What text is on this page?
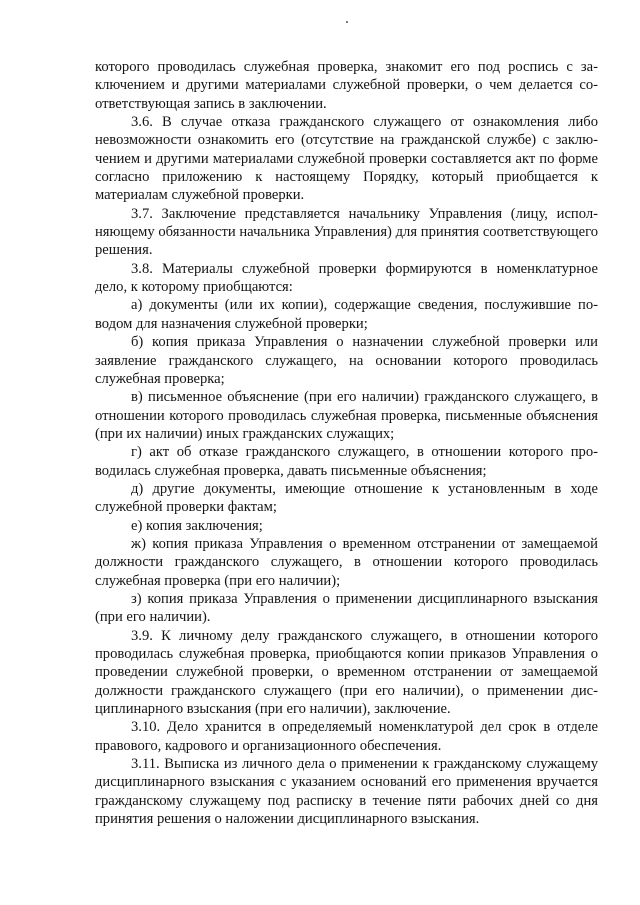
которого проводилась служебная проверка, знакомит его под роспись с заключением и другими материалами служебной проверки, о чем делается соответствующая запись в заключении.

3.6. В случае отказа гражданского служащего от ознакомления либо невозможности ознакомить его (отсутствие на гражданской службе) с заключением и другими материалами служебной проверки составляется акт по форме согласно приложению к настоящему Порядку, который приобщается к материалам служебной проверки.

3.7. Заключение представляется начальнику Управления (лицу, исполняющему обязанности начальника Управления) для принятия соответствующего решения.

3.8. Материалы служебной проверки формируются в номенклатурное дело, к которому приобщаются:

а) документы (или их копии), содержащие сведения, послужившие поводом для назначения служебной проверки;

б) копия приказа Управления о назначении служебной проверки или заявление гражданского служащего, на основании которого проводилась служебная проверка;

в) письменное объяснение (при его наличии) гражданского служащего, в отношении которого проводилась служебная проверка, письменные объяснения (при их наличии) иных гражданских служащих;

г) акт об отказе гражданского служащего, в отношении которого проводилась служебная проверка, давать письменные объяснения;

д) другие документы, имеющие отношение к установленным в ходе служебной проверки фактам;

е) копия заключения;

ж) копия приказа Управления о временном отстранении от замещаемой должности гражданского служащего, в отношении которого проводилась служебная проверка (при его наличии);

з) копия приказа Управления о применении дисциплинарного взыскания (при его наличии).

3.9. К личному делу гражданского служащего, в отношении которого проводилась служебная проверка, приобщаются копии приказов Управления о проведении служебной проверки, о временном отстранении от замещаемой должности гражданского служащего (при его наличии), о применении дисциплинарного взыскания (при его наличии), заключение.

3.10. Дело хранится в определяемый номенклатурой дел срок в отделе правового, кадрового и организационного обеспечения.

3.11. Выписка из личного дела о применении к гражданскому служащему дисциплинарного взыскания с указанием оснований его применения вручается гражданскому служащему под расписку в течение пяти рабочих дней со дня принятия решения о наложении дисциплинарного взыскания.
